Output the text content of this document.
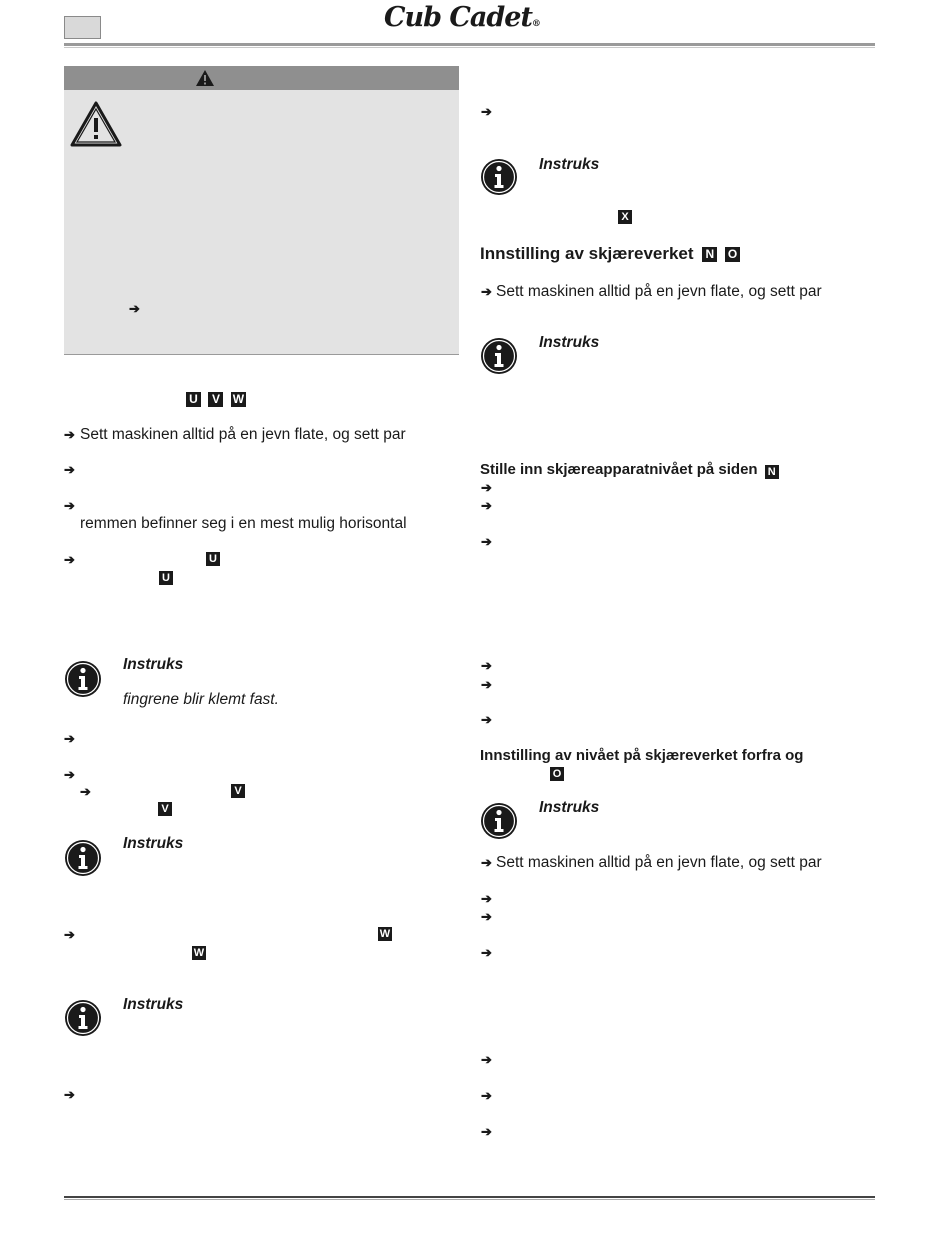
Cub Cadet®
➔
U V W
➔ Sett maskinen alltid på en jevn flate, og sett par
➔
➔
remmen befinner seg i en mest mulig horisontal
➔	U
U
Instruks
fingrene blir klemt fast.
➔
➔
➔	V
V
Instruks
➔	W
W
Instruks
➔
➔
Instruks
X
Innstilling av skjæreverket N O
➔ Sett maskinen alltid på en jevn flate, og sett par
Instruks
Stille inn skjæreapparatnivået på siden N
➔
➔
➔
➔
➔
➔
Innstilling av nivået på skjæreverket forfra og
O
Instruks
➔ Sett maskinen alltid på en jevn flate, og sett par
➔
➔
➔
➔
➔
➔
